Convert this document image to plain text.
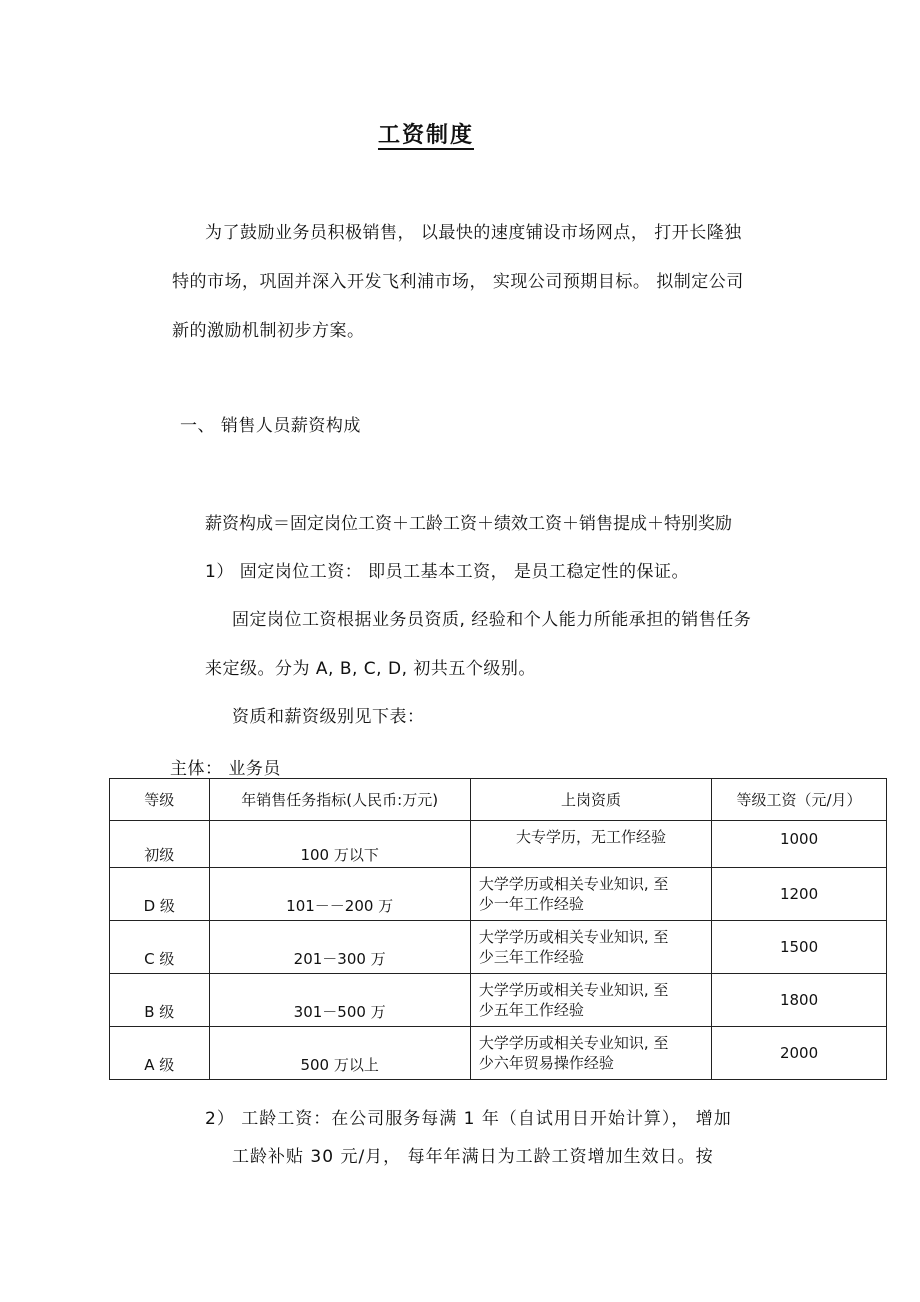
工资制度
为了鼓励业务员积极销售， 以最快的速度铺设市场网点， 打开长隆独
特的市场，巩固并深入开发飞利浦市场， 实现公司预期目标。 拟制定公司
新的激励机制初步方案。
一、 销售人员薪资构成
薪资构成＝固定岗位工资＋工龄工资＋绩效工资＋销售提成＋特别奖励
1） 固定岗位工资： 即员工基本工资， 是员工稳定性的保证。
固定岗位工资根据业务员资质, 经验和个人能力所能承担的销售任务
来定级。分为 A, B, C, D, 初共五个级别。
资质和薪资级别见下表：
主体： 业务员
等级	年销售任务指标(人民币:万元)	上岗资质	等级工资（元/月）
初级	100 万以下	大专学历，无工作经验	1000
D 级	101－－200 万	大学学历或相关专业知识, 至
少一年工作经验	1200
C 级	201－300 万	大学学历或相关专业知识, 至
少三年工作经验	1500
B 级	301－500 万	大学学历或相关专业知识, 至
少五年工作经验	1800
A 级	500 万以上	大学学历或相关专业知识, 至
少六年贸易操作经验	2000
2） 工龄工资：在公司服务每满 1 年（自试用日开始计算）， 增加
工龄补贴 30 元/月， 每年年满日为工龄工资增加生效日。按
